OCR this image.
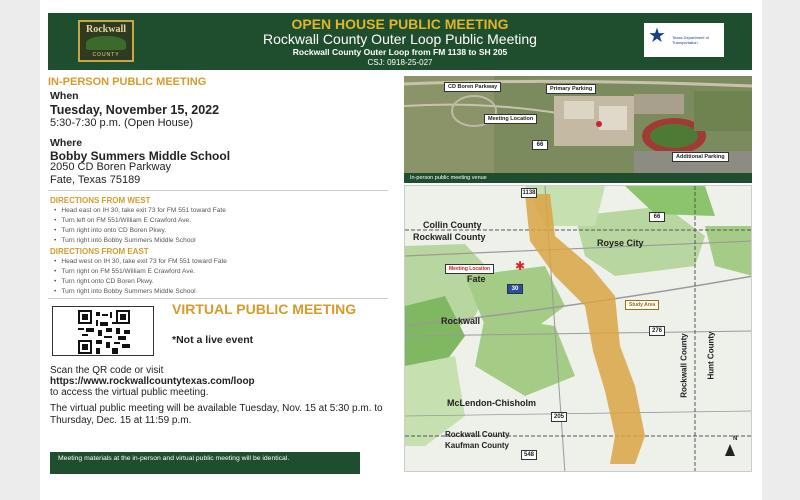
Rockwall
COUNTY
OPEN HOUSE PUBLIC MEETING
Rockwall County Outer Loop Public Meeting
Rockwall County Outer Loop from FM 1138 to SH 205
CSJ: 0918-25-027
★ Texas Department of Transportation
IN-PERSON PUBLIC MEETING
When
Tuesday, November 15, 2022
5:30-7:30 p.m. (Open House)
Where
Bobby Summers Middle School
2050 CD Boren Parkway
Fate, Texas 75189
DIRECTIONS FROM WEST
• Head east on IH 30, take exit 73 for FM 551 toward Fate
• Turn left on FM 551/William E Crawford Ave.
• Turn right into onto CD Boren Pkwy.
• Turn right into Bobby Summers Middle School
DIRECTIONS FROM EAST
• Head west on IH 30, take exit 73 for FM 551 toward Fate
• Turn right on FM 551/William E Crawford Ave.
• Turn right onto CD Boren Pkwy.
• Turn right into Bobby Summers Middle School
VIRTUAL PUBLIC MEETING
*Not a live event
Scan the QR code or visit
https://www.rockwallcountytexas.com/loop
to access the virtual public meeting.
The virtual public meeting will be available Tuesday, Nov. 15 at 5:30 p.m. to Thursday, Dec. 15 at 11:59 p.m.
Meeting materials at the in-person and virtual public meeting will be identical.
CD Boren Parkway	Primary Parking
Meeting Location
Additional Parking
66
In-person public meeting venue
✱
Collin County
Rockwall County
Royse City
Fate
Rockwall
McLendon-Chisholm
Rockwall County
Kaufman County
Rockwall County Hunt County
Meeting Location
Study Area
1138
66
30
276
205
548
N
